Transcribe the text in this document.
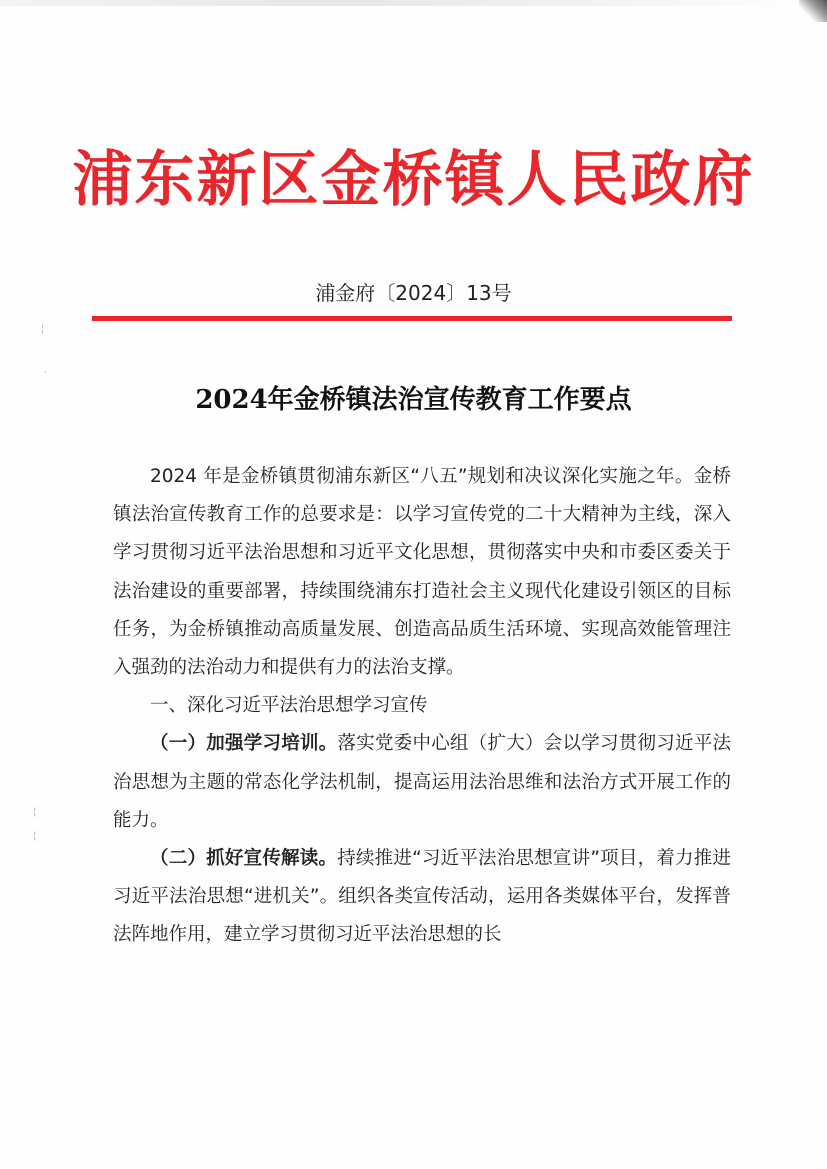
浦东新区金桥镇人民政府
浦金府〔2024〕13号
2024年金桥镇法治宣传教育工作要点

2024 年是金桥镇贯彻浦东新区“八五”规划和决议深化实施之年。金桥镇法治宣传教育工作的总要求是：以学习宣传党的二十大精神为主线，深入学习贯彻习近平法治思想和习近平文化思想，贯彻落实中央和市委区委关于法治建设的重要部署，持续围绕浦东打造社会主义现代化建设引领区的目标任务，为金桥镇推动高质量发展、创造高品质生活环境、实现高效能管理注入强劲的法治动力和提供有力的法治支撑。

一、深化习近平法治思想学习宣传

（一）加强学习培训。落实党委中心组（扩大）会以学习贯彻习近平法治思想为主题的常态化学法机制，提高运用法治思维和法治方式开展工作的能力。

（二）抓好宣传解读。持续推进“习近平法治思想宣讲”项目，着力推进习近平法治思想“进机关”。组织各类宣传活动，运用各类媒体平台，发挥普法阵地作用，建立学习贯彻习近平法治思想的长

╎
·
╎
╎
